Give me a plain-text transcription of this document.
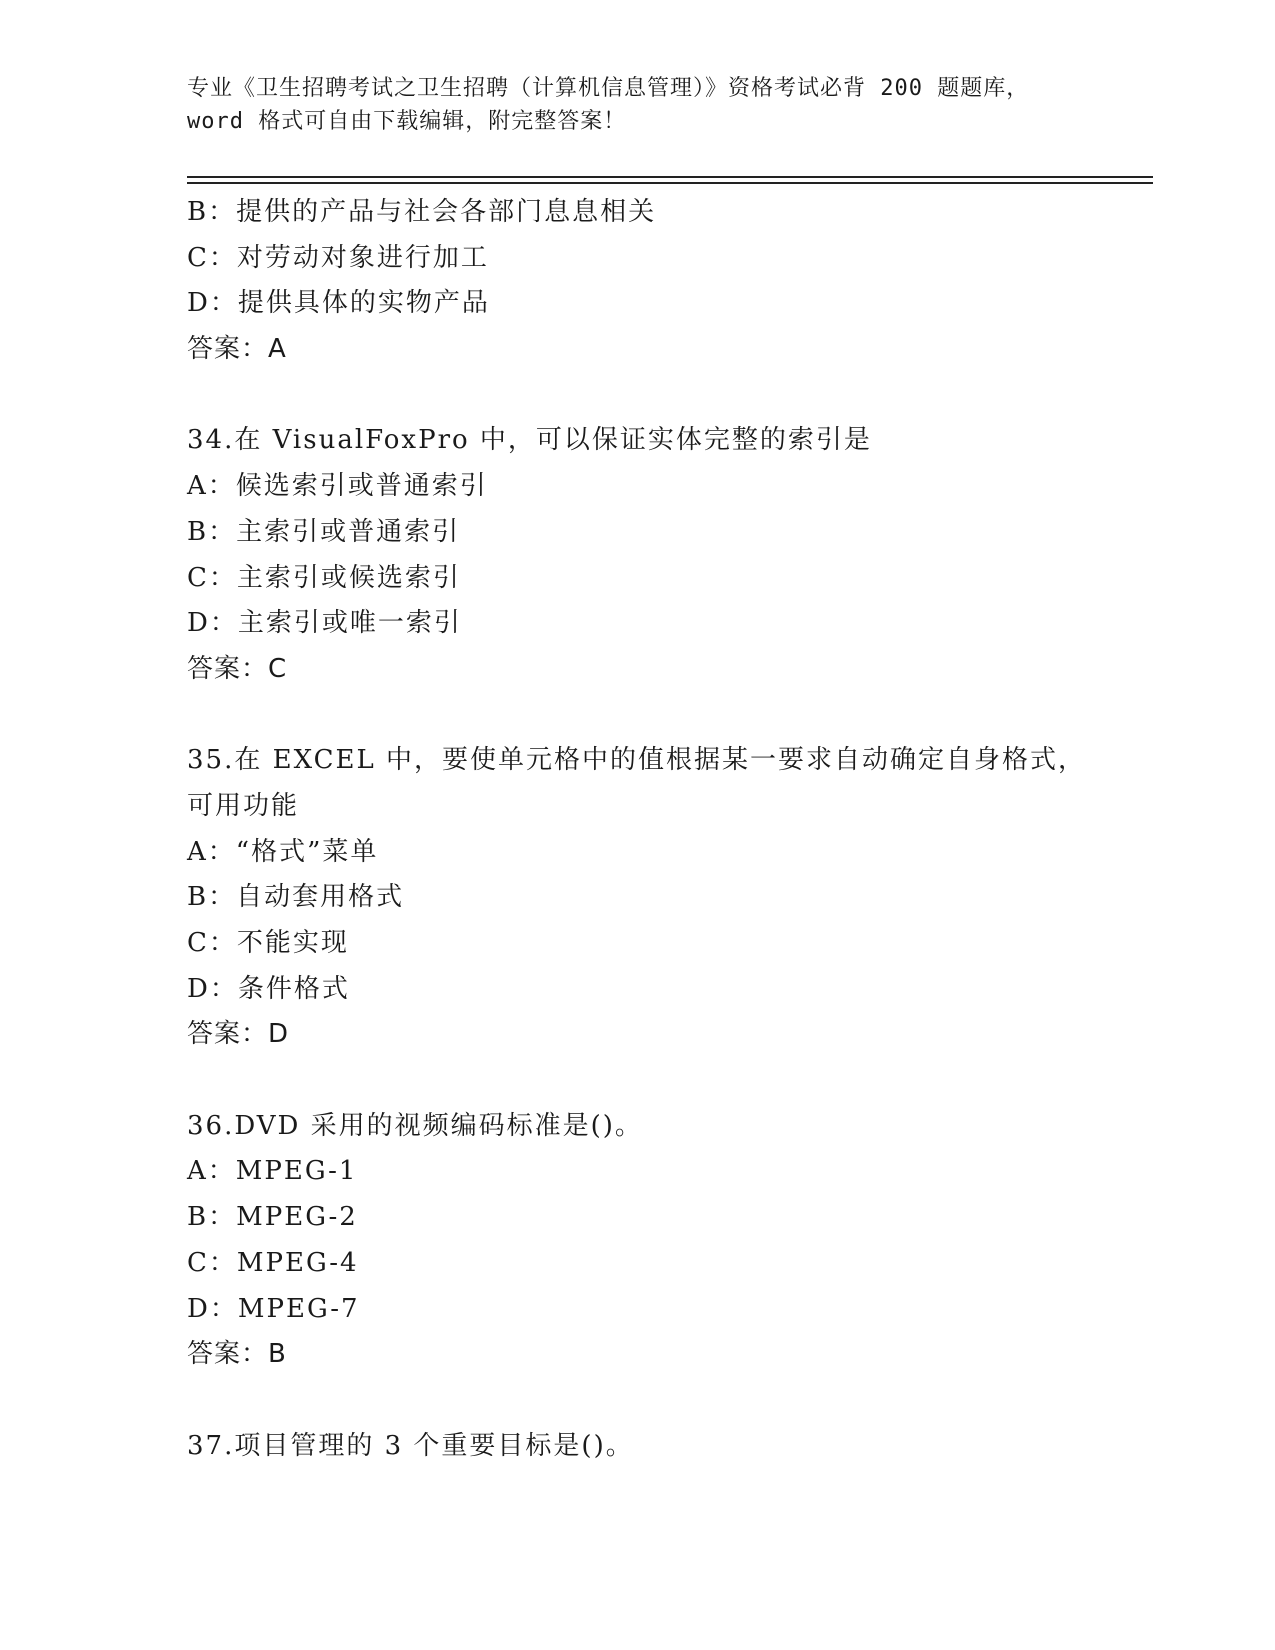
专业《卫生招聘考试之卫生招聘（计算机信息管理）》资格考试必背 200 题题库，
word 格式可自由下载编辑，附完整答案！
B：提供的产品与社会各部门息息相关
C：对劳动对象进行加工
D：提供具体的实物产品
答案：A
34.在 VisualFoxPro 中，可以保证实体完整的索引是
A：候选索引或普通索引
B：主索引或普通索引
C：主索引或候选索引
D：主索引或唯一索引
答案：C
35.在 EXCEL 中，要使单元格中的值根据某一要求自动确定自身格式，
可用功能
A：“格式”菜单
B：自动套用格式
C：不能实现
D：条件格式
答案：D
36.DVD 采用的视频编码标准是()。
A：MPEG-1
B：MPEG-2
C：MPEG-4
D：MPEG-7
答案：B
37.项目管理的 3 个重要目标是()。
